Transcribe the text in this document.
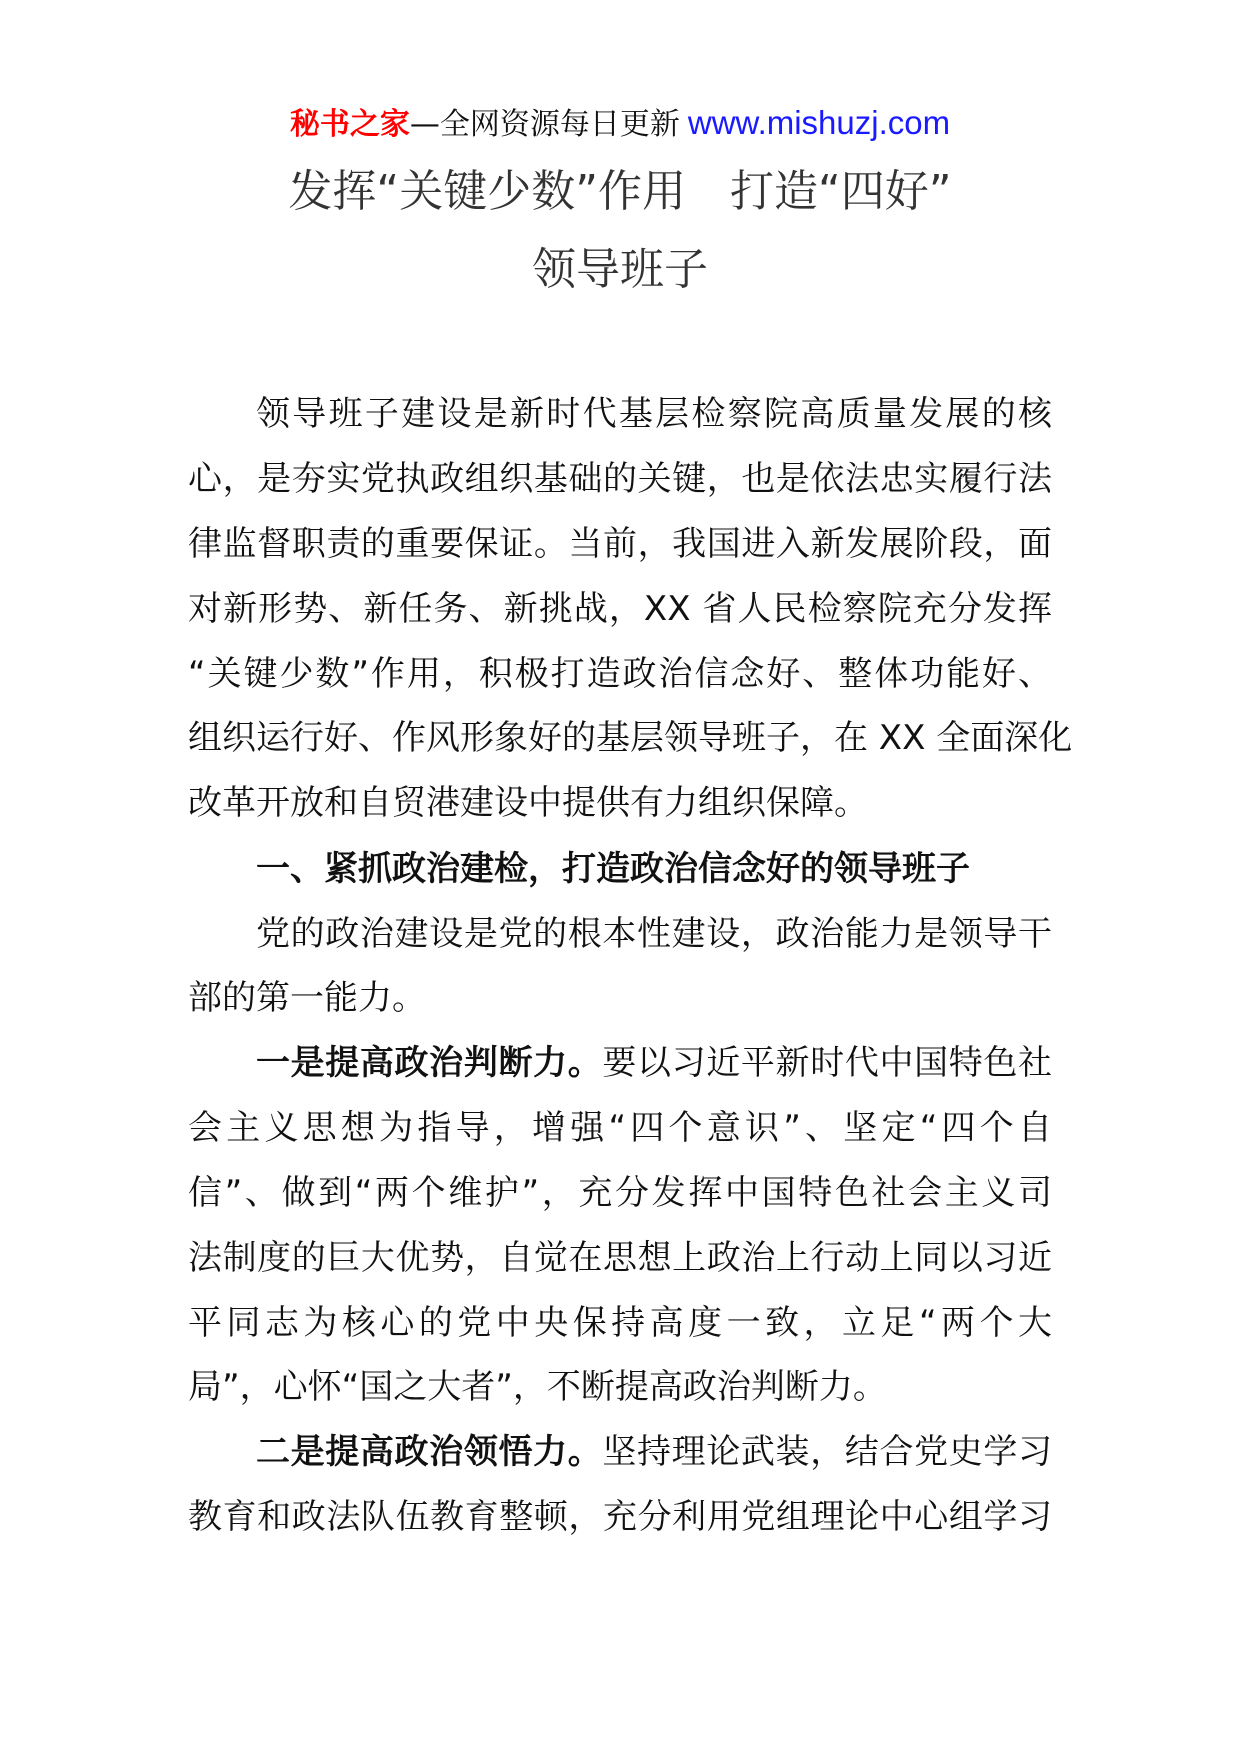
秘书之家—全网资源每日更新 www.mishuzj.com
发挥“关键少数”作用　打造“四好”
领导班子
领导班子建设是新时代基层检察院高质量发展的核
心，是夯实党执政组织基础的关键，也是依法忠实履行法
律监督职责的重要保证。当前，我国进入新发展阶段，面
对新形势、新任务、新挑战，XX 省人民检察院充分发挥
“关键少数”作用，积极打造政治信念好、整体功能好、
组织运行好、作风形象好的基层领导班子，在 XX 全面深化
改革开放和自贸港建设中提供有力组织保障。
一、紧抓政治建检，打造政治信念好的领导班子
党的政治建设是党的根本性建设，政治能力是领导干
部的第一能力。
一是提高政治判断力。要以习近平新时代中国特色社
会主义思想为指导，增强“四个意识”、坚定“四个自
信”、做到“两个维护”，充分发挥中国特色社会主义司
法制度的巨大优势，自觉在思想上政治上行动上同以习近
平同志为核心的党中央保持高度一致，立足“两个大
局”，心怀“国之大者”，不断提高政治判断力。
二是提高政治领悟力。坚持理论武装，结合党史学习
教育和政法队伍教育整顿，充分利用党组理论中心组学习
